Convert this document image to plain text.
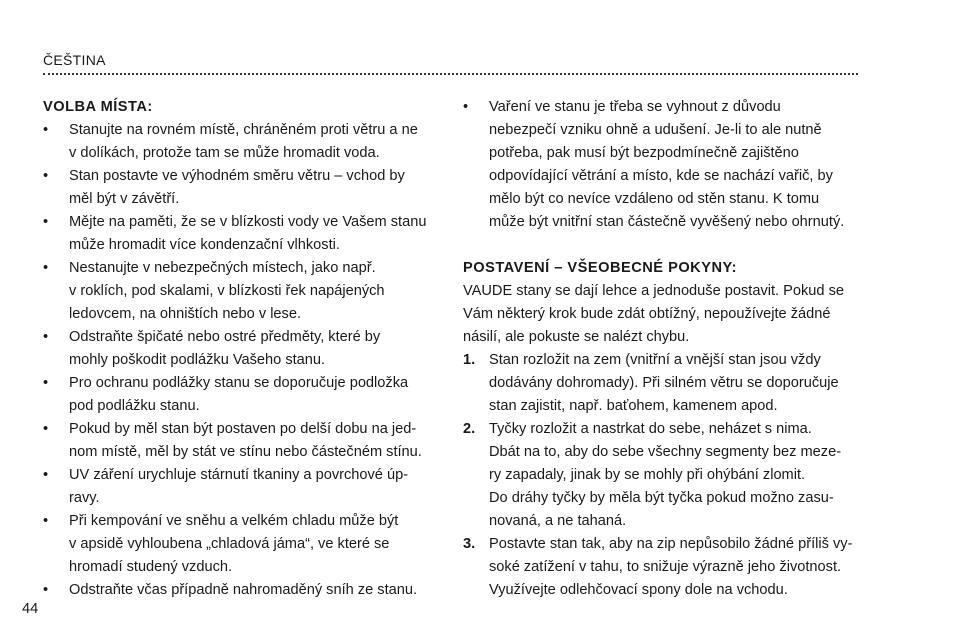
ČEŠTINA
VOLBA MÍSTA:
• Stanujte na rovném místě, chráněném proti větru a ne
v dolíkách, protože tam se může hromadit voda.
• Stan postavte ve výhodném směru větru – vchod by
měl být v závětří.
• Mějte na paměti, že se v blízkosti vody ve Vašem stanu
může hromadit více kondenzační vlhkosti.
• Nestanujte v nebezpečných místech, jako např.
v roklích, pod skalami, v blízkosti řek napájených
ledovcem, na ohništích nebo v lese.
• Odstraňte špičaté nebo ostré předměty, které by
mohly poškodit podlážku Vašeho stanu.
• Pro ochranu podlážky stanu se doporučuje podložka
pod podlážku stanu.
• Pokud by měl stan být postaven po delší dobu na jed-
nom místě, měl by stát ve stínu nebo částečném stínu.
• UV záření urychluje stárnutí tkaniny a povrchové úp-
ravy.
• Při kempování ve sněhu a velkém chladu může být
v apsidě vyhloubena „chladová jáma“, ve které se
hromadí studený vzduch.
• Odstraňte včas případně nahromaděný sníh ze stanu.
• Vaření ve stanu je třeba se vyhnout z důvodu
nebezpečí vzniku ohně a udušení. Je-li to ale nutně
potřeba, pak musí být bezpodmínečně zajištěno
odpovídající větrání a místo, kde se nachází vařič, by
mělo být co nevíce vzdáleno od stěn stanu. K tomu
může být vnitřní stan částečně vyvěšený nebo ohrnutý.
POSTAVENÍ – VŠEOBECNÉ POKYNY:

VAUDE stany se dají lehce a jednoduše postavit. Pokud se
Vám některý krok bude zdát obtížný, nepoužívejte žádné
násilí, ale pokuste se nalézt chybu.

1. Stan rozložit na zem (vnitřní a vnější stan jsou vždy
dodávány dohromady). Při silném větru se doporučuje
stan zajistit, např. baťohem, kamenem apod.
2. Tyčky rozložit a nastrkat do sebe, neházet s nima.
Dbát na to, aby do sebe všechny segmenty bez meze-
ry zapadaly, jinak by se mohly při ohýbání zlomit.
Do dráhy tyčky by měla být tyčka pokud možno zasu-
novaná, a ne tahaná.
3. Postavte stan tak, aby na zip nepůsobilo žádné příliš vy-
soké zatížení v tahu, to snižuje výrazně jeho životnost.
Využívejte odlehčovací spony dole na vchodu.
44
